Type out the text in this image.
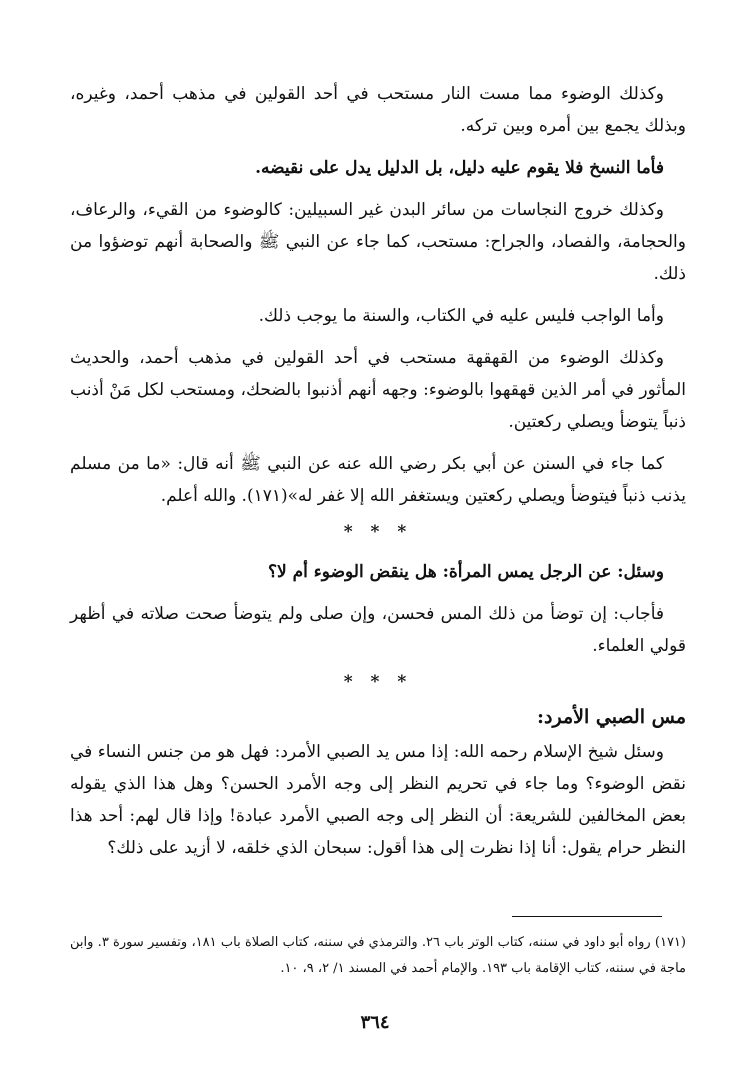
وكذلك الوضوء مما مست النار مستحب في أحد القولين في مذهب أحمد، وغيره، وبذلك يجمع بين أمره وبين تركه.

فأما النسخ فلا يقوم عليه دليل، بل الدليل يدل على نقيضه.

وكذلك خروج النجاسات من سائر البدن غير السبيلين: كالوضوء من القيء، والرعاف، والحجامة، والفصاد، والجراح: مستحب، كما جاء عن النبي ﷺ والصحابة أنهم توضؤوا من ذلك.

وأما الواجب فليس عليه في الكتاب، والسنة ما يوجب ذلك.

وكذلك الوضوء من القهقهة مستحب في أحد القولين في مذهب أحمد، والحديث المأثور في أمر الذين قهقهوا بالوضوء: وجهه أنهم أذنبوا بالضحك، ومستحب لكل مَنْ أذنب ذنباً يتوضأ ويصلي ركعتين.

كما جاء في السنن عن أبي بكر رضي الله عنه عن النبي ﷺ أنه قال: «ما من مسلم يذنب ذنباً فيتوضأ ويصلي ركعتين ويستغفر الله إلا غفر له»(١٧١). والله أعلم.

* * *

وسئل: عن الرجل يمس المرأة: هل ينقض الوضوء أم لا؟

فأجاب: إن توضأ من ذلك المس فحسن، وإن صلى ولم يتوضأ صحت صلاته في أظهر قولي العلماء.

* * *
مس الصبي الأمرد:

وسئل شيخ الإسلام رحمه الله: إذا مس يد الصبي الأمرد: فهل هو من جنس النساء في نقض الوضوء؟ وما جاء في تحريم النظر إلى وجه الأمرد الحسن؟ وهل هذا الذي يقوله بعض المخالفين للشريعة: أن النظر إلى وجه الصبي الأمرد عبادة! وإذا قال لهم: أحد هذا النظر حرام يقول: أنا إذا نظرت إلى هذا أقول: سبحان الذي خلقه، لا أزيد على ذلك؟

(١٧١) رواه أبو داود في سننه، كتاب الوتر باب ٢٦. والترمذي في سننه، كتاب الصلاة باب ١٨١، وتفسير سورة ٣. وابن ماجة في سننه، كتاب الإقامة باب ١٩٣. والإمام أحمد في المسند ١/ ٢، ٩، ١٠.
٣٦٤
